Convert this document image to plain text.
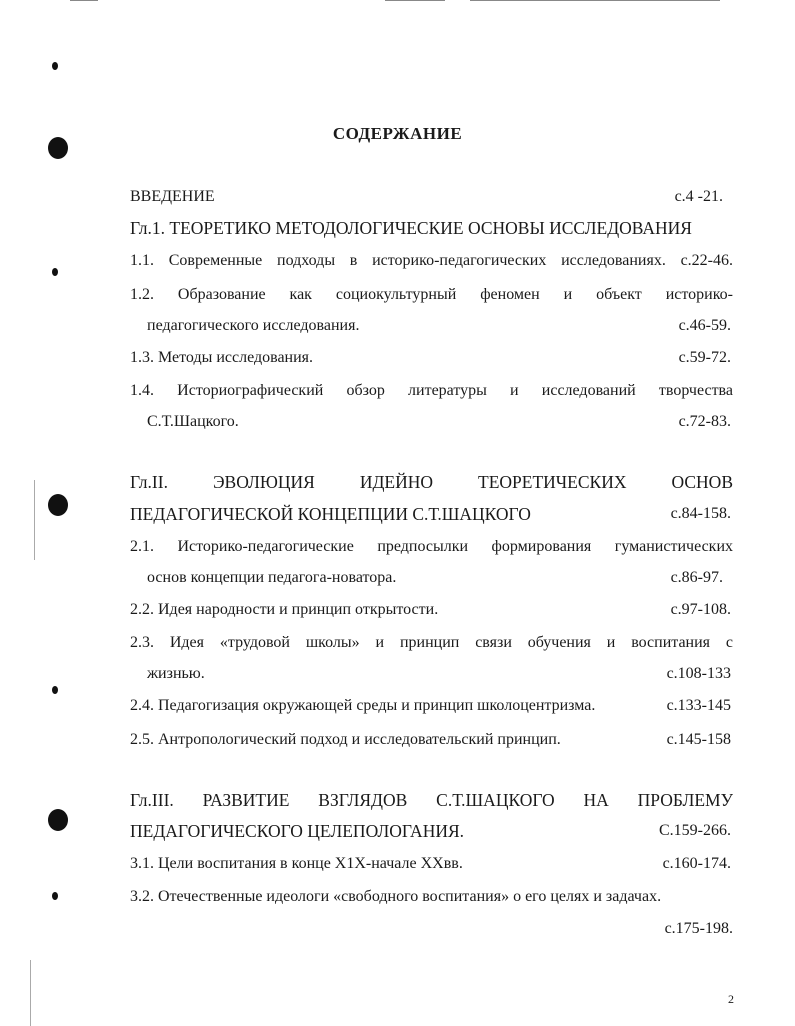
СОДЕРЖАНИЕ
ВВЕДЕНИЕ	с.4 -21.
Гл.1. ТЕОРЕТИКО МЕТОДОЛОГИЧЕСКИЕ ОСНОВЫ ИССЛЕДОВАНИЯ
1.1. Современные подходы в историко-педагогических исследованиях. с.22-46.
1.2. Образование как социокультурный феномен и объект историко-
педагогического исследования.	с.46-59.
1.3. Методы исследования.	с.59-72.
1.4. Историографический обзор литературы и исследований творчества
С.Т.Шацкого.	с.72-83.
Гл.II. ЭВОЛЮЦИЯ ИДЕЙНО ТЕОРЕТИЧЕСКИХ ОСНОВ
ПЕДАГОГИЧЕСКОЙ КОНЦЕПЦИИ С.Т.ШАЦКОГО	с.84-158.
2.1. Историко-педагогические предпосылки формирования гуманистических
основ концепции педагога-новатора.	с.86-97.
2.2. Идея народности и принцип открытости.	с.97-108.
2.3. Идея «трудовой школы» и принцип связи обучения и воспитания с
жизнью.	с.108-133
2.4. Педагогизация окружающей среды и принцип школоцентризма.	с.133-145
2.5. Антропологический подход и исследовательский принцип.	с.145-158
Гл.III. РАЗВИТИЕ ВЗГЛЯДОВ С.Т.ШАЦКОГО НА ПРОБЛЕМУ
ПЕДАГОГИЧЕСКОГО ЦЕЛЕПОЛОГАНИЯ.	С.159-266.
3.1. Цели воспитания в конце Х1Х-начале ХХвв.	с.160-174.
3.2. Отечественные идеологи «свободного воспитания» о его целях и задачах.
с.175-198.
2
